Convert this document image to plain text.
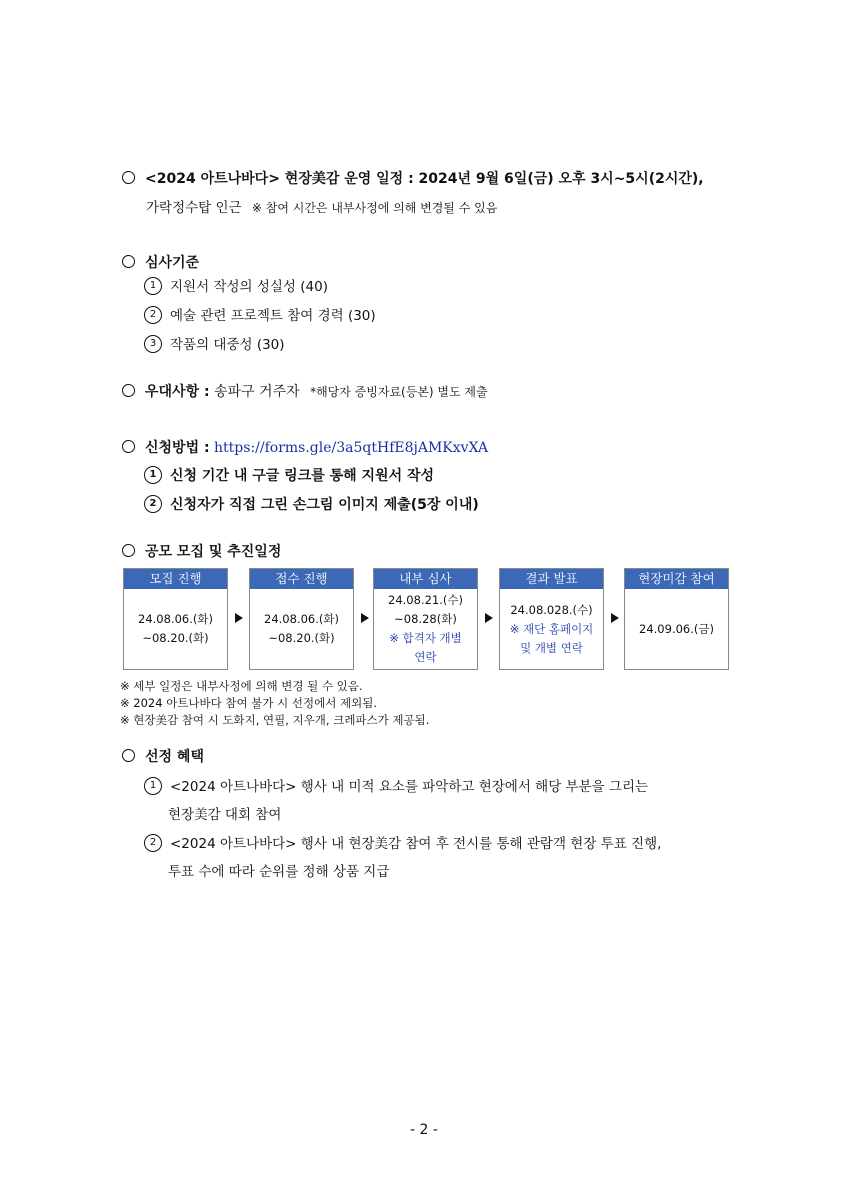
<2024 아트나바다> 현장美감 운영 일정 : 2024년 9월 6일(금) 오후 3시~5시(2시간),
가락정수탑 인근 ※ 참여 시간은 내부사정에 의해 변경될 수 있음
심사기준
1 지원서 작성의 성실성 (40)
2 예술 관련 프로젝트 참여 경력 (30)
3 작품의 대중성 (30)
우대사항 : 송파구 거주자 *해당자 증빙자료(등본) 별도 제출
신청방법 : https://forms.gle/3a5qtHfE8jAMKxvXA
1 신청 기간 내 구글 링크를 통해 지원서 작성
2 신청자가 직접 그린 손그림 이미지 제출(5장 이내)
공모 모집 및 추진일정
모집 진행
24.08.06.(화)
~08.20.(화)
접수 진행
24.08.06.(화)
~08.20.(화)
내부 심사
24.08.21.(수)
~08.28(화)
※ 합격자 개별
연락
결과 발표
24.08.028.(수)
※ 재단 홈페이지
및 개별 연락
현장미감 참여
24.09.06.(금)
※ 세부 일정은 내부사정에 의해 변경 될 수 있음.
※ 2024 아트나바다 참여 불가 시 선정에서 제외됨.
※ 현장美감 참여 시 도화지, 연필, 지우개, 크레파스가 제공됨.
선정 혜택
1 <2024 아트나바다> 행사 내 미적 요소를 파악하고 현장에서 해당 부분을 그리는
현장美감 대회 참여
2 <2024 아트나바다> 행사 내 현장美감 참여 후 전시를 통해 관람객 현장 투표 진행,
투표 수에 따라 순위를 정해 상품 지급
- 2 -
